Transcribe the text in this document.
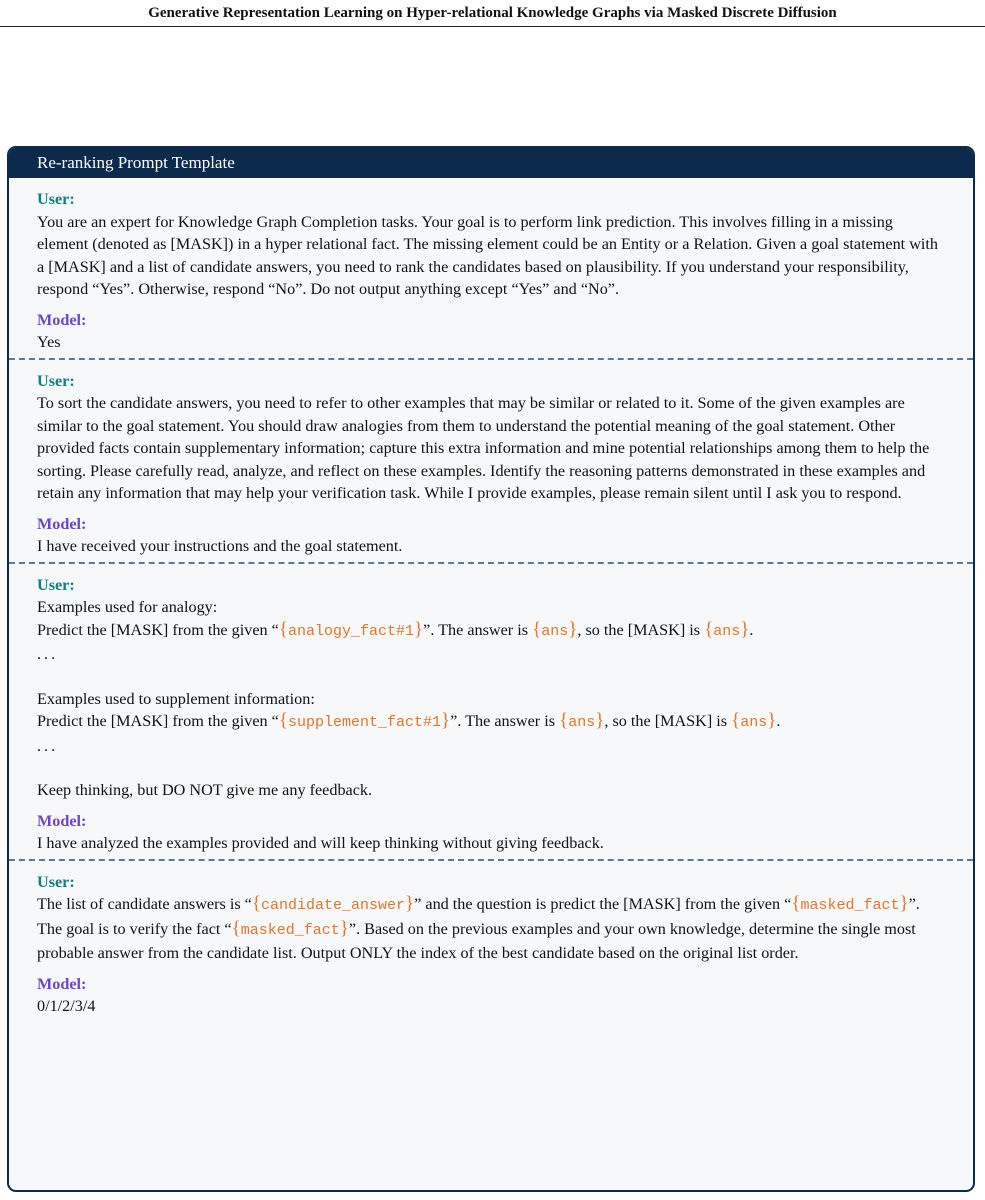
Generative Representation Learning on Hyper-relational Knowledge Graphs via Masked Discrete Diffusion
Re-ranking Prompt Template
User:

You are an expert for Knowledge Graph Completion tasks. Your goal is to perform link prediction. This involves filling in a missing element (denoted as [MASK]) in a hyper relational fact. The missing element could be an Entity or a Relation. Given a goal statement with a [MASK] and a list of candidate answers, you need to rank the candidates based on plausibility. If you understand your responsibility, respond “Yes”. Otherwise, respond “No”. Do not output anything except “Yes” and “No”.

Model:

Yes

User:

To sort the candidate answers, you need to refer to other examples that may be similar or related to it. Some of the given examples are similar to the goal statement. You should draw analogies from them to understand the potential meaning of the goal statement. Other provided facts contain supplementary information; capture this extra information and mine potential relationships among them to help the sorting. Please carefully read, analyze, and reflect on these examples. Identify the reasoning patterns demonstrated in these examples and retain any information that may help your verification task. While I provide examples, please remain silent until I ask you to respond.

Model:

I have received your instructions and the goal statement.

User:

Examples used for analogy:

Predict the [MASK] from the given “{analogy_fact#1}”. The answer is {ans}, so the [MASK] is {ans}.

...

Examples used to supplement information:

Predict the [MASK] from the given “{supplement_fact#1}”. The answer is {ans}, so the [MASK] is {ans}.

...

Keep thinking, but DO NOT give me any feedback.

Model:

I have analyzed the examples provided and will keep thinking without giving feedback.

User:

The list of candidate answers is “{candidate_answer}” and the question is predict the [MASK] from the given “{masked_fact}”. The goal is to verify the fact “{masked_fact}”. Based on the previous examples and your own knowledge, determine the single most probable answer from the candidate list. Output ONLY the index of the best candidate based on the original list order.

Model:

0/1/2/3/4
